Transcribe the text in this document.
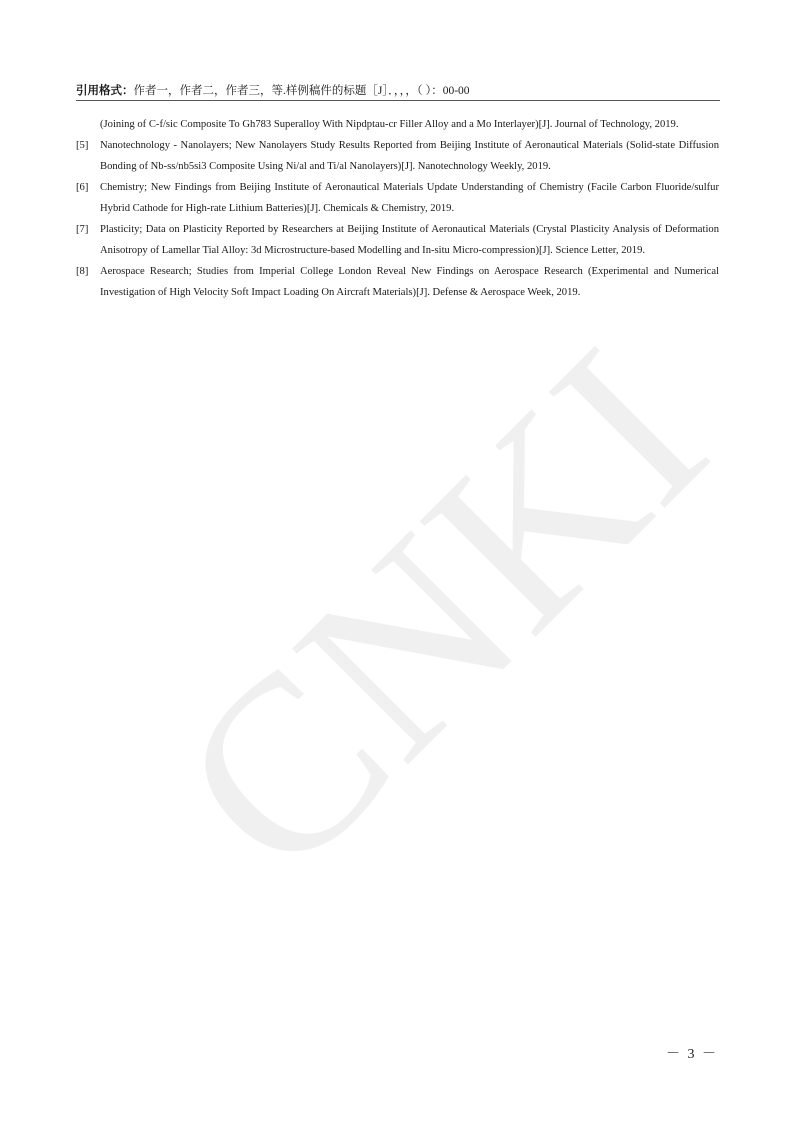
CNKI
引用格式：作者一，作者二，作者三，等.样例稿件的标题［J］．，，，（ ）：00-00

(Joining of C-f/sic Composite To Gh783 Superalloy With Nipdptau-cr Filler Alloy and a Mo Interlayer)[J]. Journal of Technology, 2019.

[5] Nanotechnology - Nanolayers; New Nanolayers Study Results Reported from Beijing Institute of Aeronautical Materials (Solid-state Diffusion Bonding of Nb-ss/nb5si3 Composite Using Ni/al and Ti/al Nanolayers)[J]. Nanotechnology Weekly, 2019.

[6] Chemistry; New Findings from Beijing Institute of Aeronautical Materials Update Understanding of Chemistry (Facile Carbon Fluoride/sulfur Hybrid Cathode for High-rate Lithium Batteries)[J]. Chemicals & Chemistry, 2019.

[7] Plasticity; Data on Plasticity Reported by Researchers at Beijing Institute of Aeronautical Materials (Crystal Plasticity Analysis of Deformation Anisotropy of Lamellar Tial Alloy: 3d Microstructure-based Modelling and In-situ Micro-compression)[J]. Science Letter, 2019.

[8] Aerospace Research; Studies from Imperial College London Reveal New Findings on Aerospace Research (Experimental and Numerical Investigation of High Velocity Soft Impact Loading On Aircraft Materials)[J]. Defense & Aerospace Week, 2019.

－ 3 －
